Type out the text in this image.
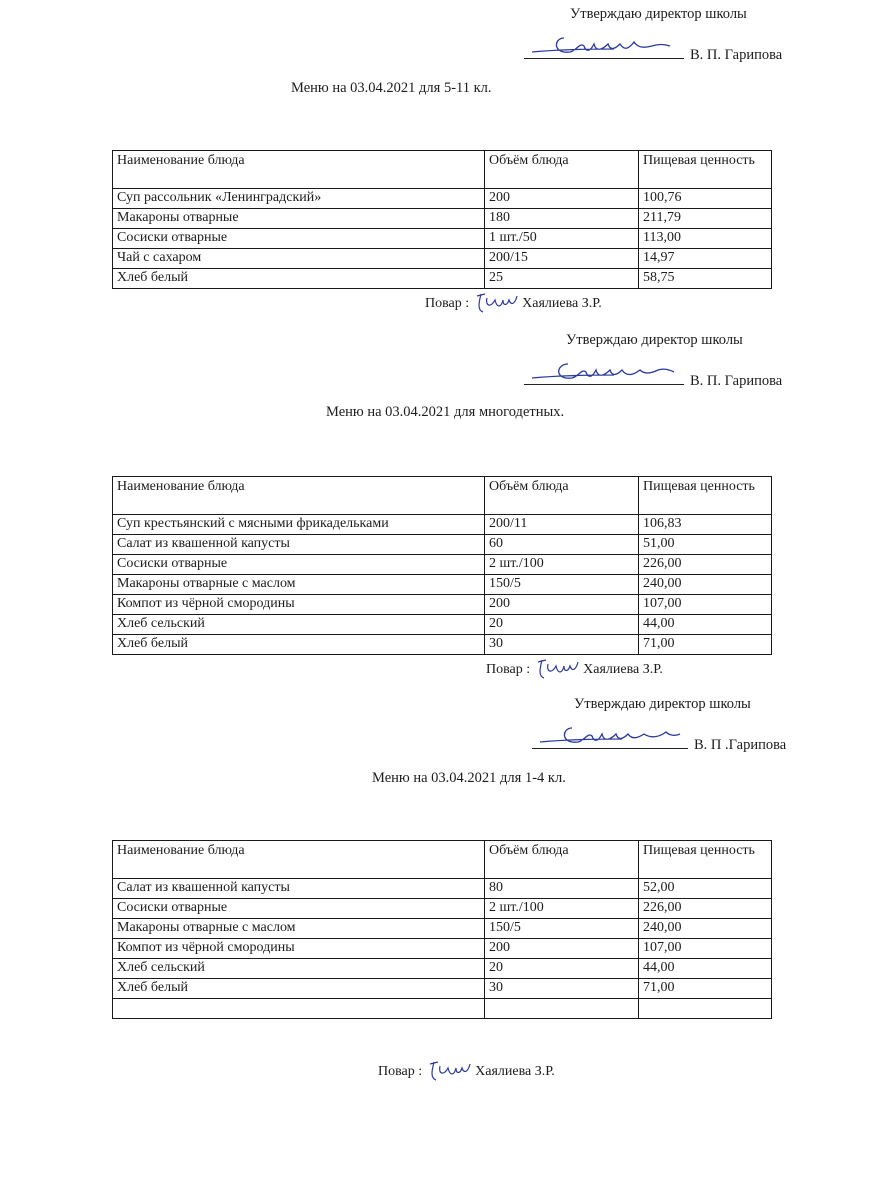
Утверждаю директор школы
В. П. Гарипова
Меню на 03.04.2021 для 5-11 кл.
Наименование блюда	Объём блюда	Пищевая ценность
Суп рассольник «Ленинградский»	200	100,76
Макароны отварные	180	211,79
Сосиски отварные	1 шт./50	113,00
Чай с сахаром	200/15	14,97
Хлеб белый	25	58,75
Повар :	Хаялиева З.Р.
Утверждаю директор школы
В. П. Гарипова
Меню на 03.04.2021 для многодетных.
Наименование блюда	Объём блюда	Пищевая ценность
Суп крестьянский с мясными фрикадельками	200/11	106,83
Салат из квашенной капусты	60	51,00
Сосиски отварные	2 шт./100	226,00
Макароны отварные с маслом	150/5	240,00
Компот из чёрной смородины	200	107,00
Хлеб сельский	20	44,00
Хлеб белый	30	71,00
Повар :	Хаялиева З.Р.
Утверждаю директор школы
В. П .Гарипова
Меню на 03.04.2021 для 1-4 кл.
Наименование блюда	Объём блюда	Пищевая ценность
Салат из квашенной капусты	80	52,00
Сосиски отварные	2 шт./100	226,00
Макароны отварные с маслом	150/5	240,00
Компот из чёрной смородины	200	107,00
Хлеб сельский	20	44,00
Хлеб белый	30	71,00

Повар :	Хаялиева З.Р.
